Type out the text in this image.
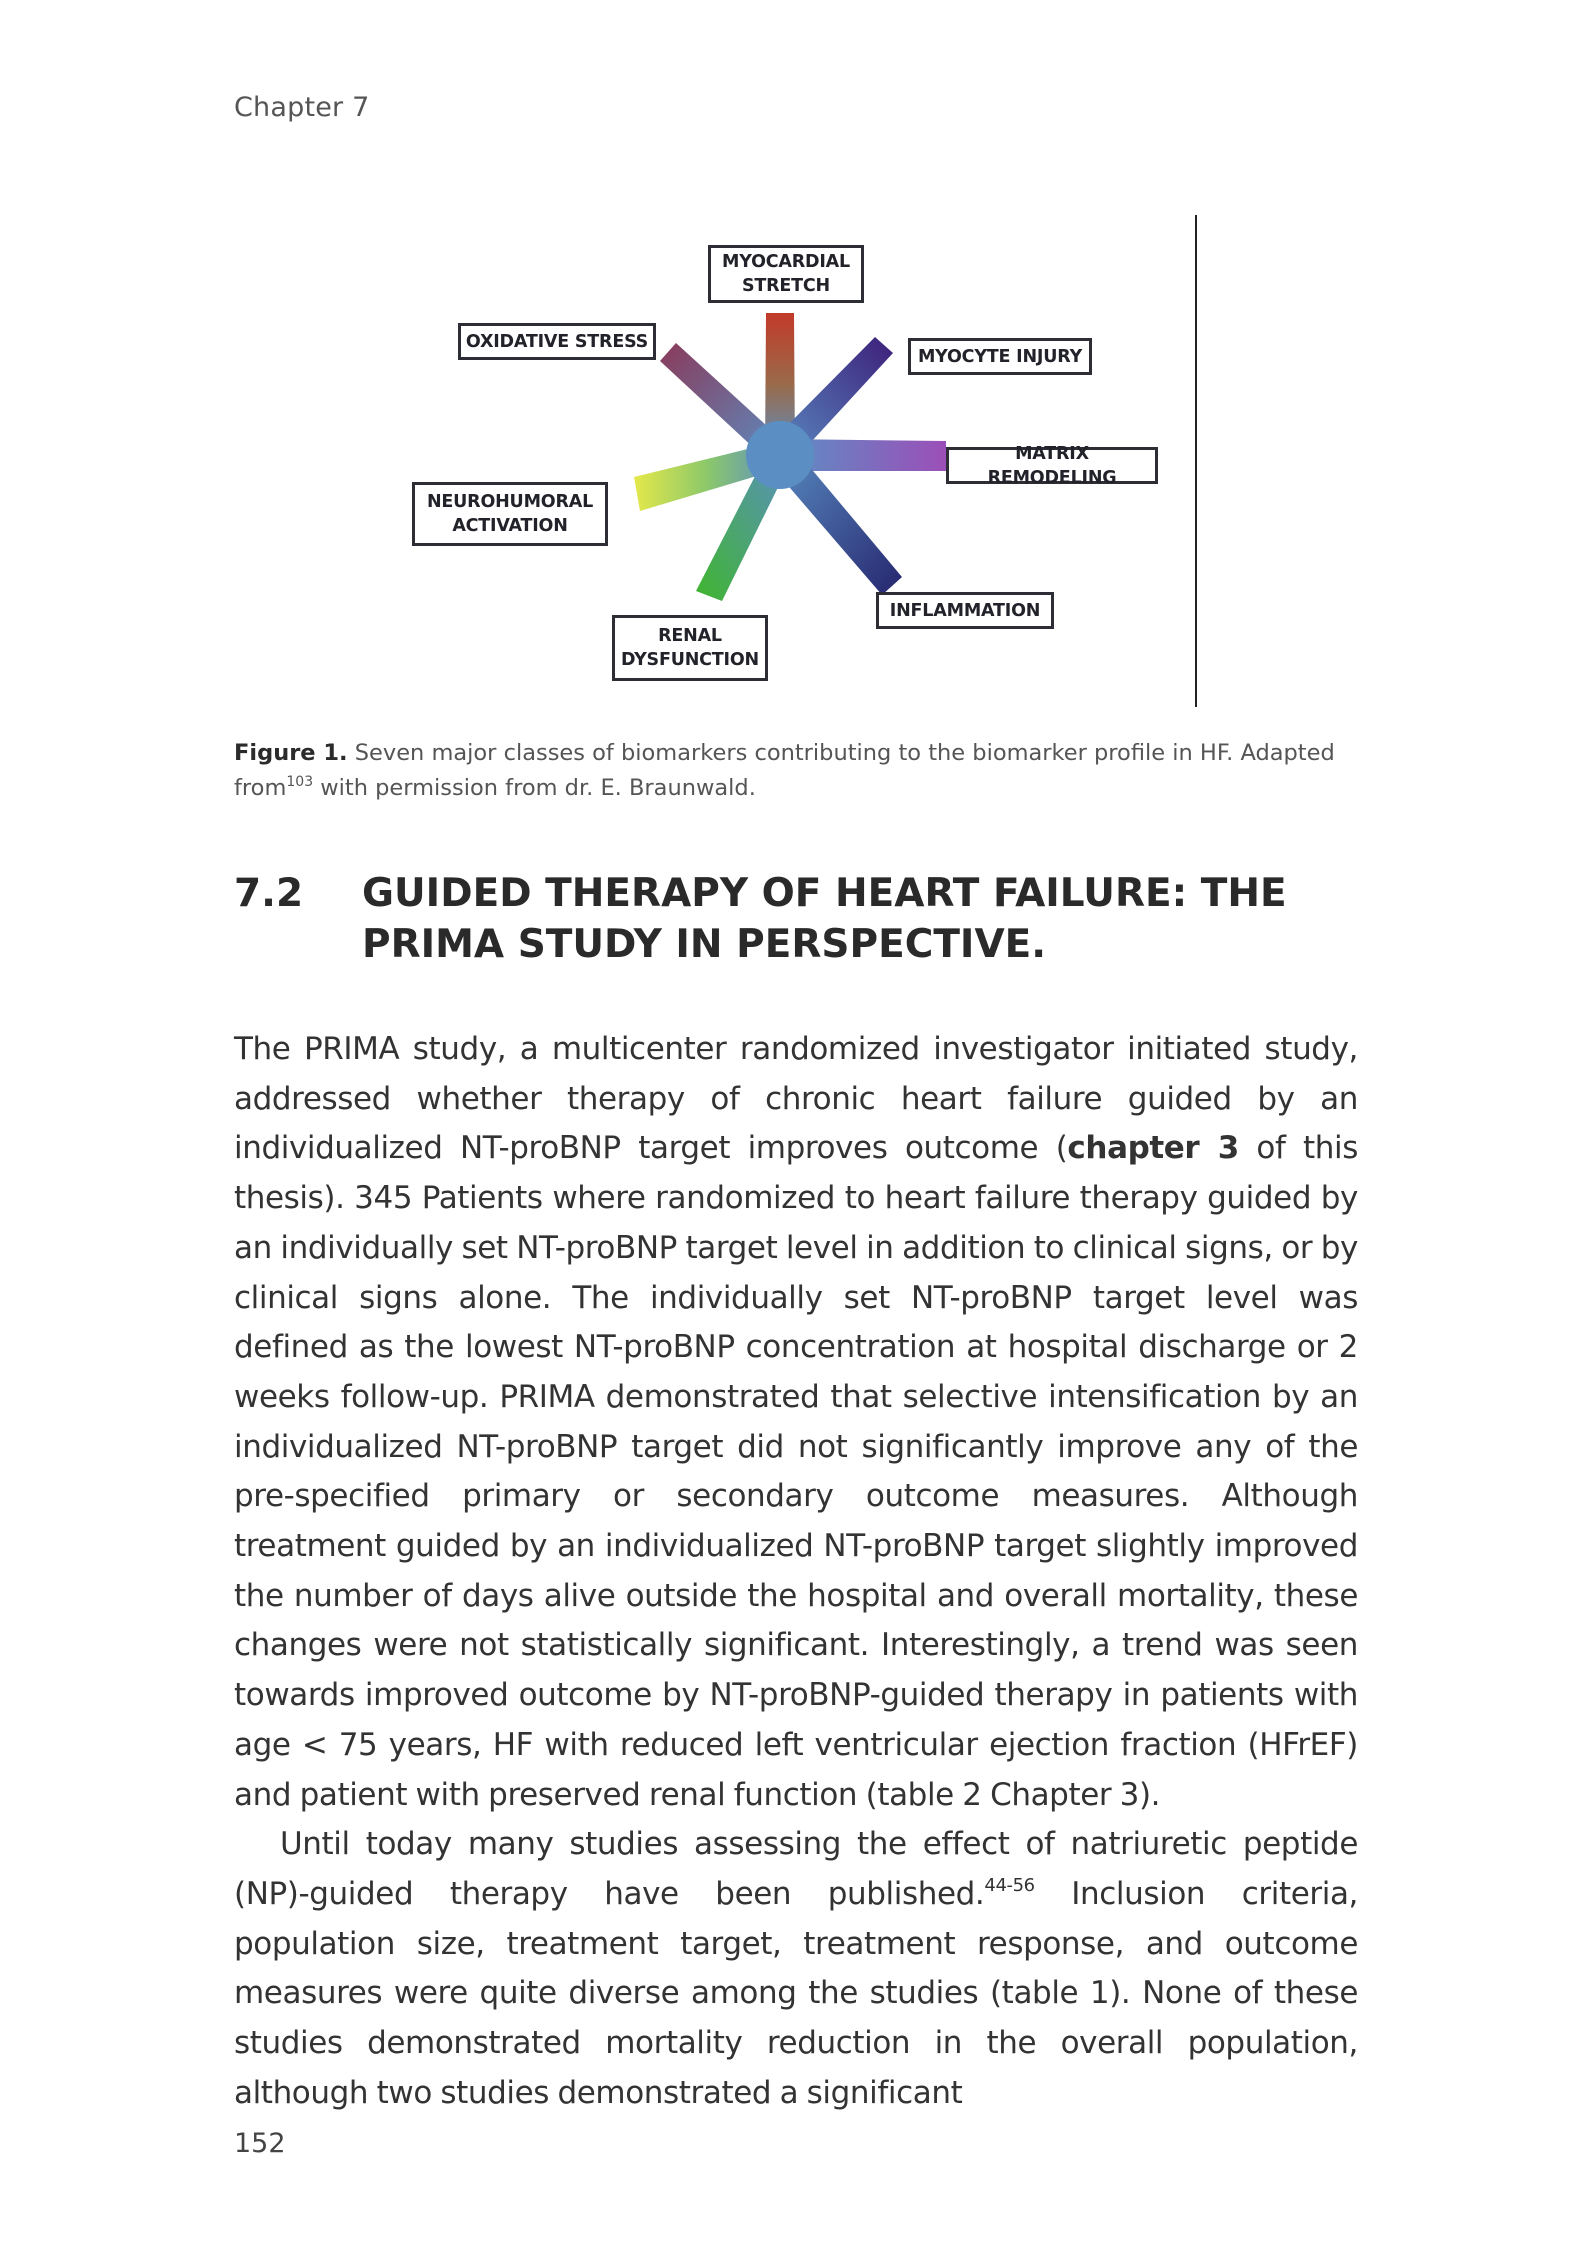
Chapter 7
MYOCARDIAL
STRETCH
MYOCYTE INJURY
MATRIX REMODELING
INFLAMMATION
RENAL
DYSFUNCTION
NEUROHUMORAL
ACTIVATION
OXIDATIVE STRESS
Figure 1. Seven major classes of biomarkers contributing to the biomarker profile in HF. Adapted from$^{103}$ with permission from dr. E. Braunwald.
7.2	GUIDED THERAPY OF HEART FAILURE: THE PRIMA STUDY IN PERSPECTIVE.

The PRIMA study, a multicenter randomized investigator initiated study, addressed whether therapy of chronic heart failure guided by an individualized NT-proBNP target improves outcome (chapter 3 of this thesis). 345 Patients where randomized to heart failure therapy guided by an individually set NT-proBNP target level in addition to clinical signs, or by clinical signs alone. The individually set NT-proBNP target level was defined as the lowest NT-proBNP concentration at hospital discharge or 2 weeks follow-up. PRIMA demonstrated that selective intensification by an individualized NT-proBNP target did not significantly improve any of the pre-specified primary or secondary outcome measures. Although treatment guided by an individualized NT-proBNP target slightly improved the number of days alive outside the hospital and overall mortality, these changes were not statistically significant. Interestingly, a trend was seen towards improved outcome by NT-proBNP-guided therapy in patients with age < 75 years, HF with reduced left ventricular ejection fraction (HFrEF) and patient with preserved renal function (table 2 Chapter 3).

Until today many studies assessing the effect of natriuretic peptide (NP)-guided therapy have been published.$^{44-56}$ Inclusion criteria, population size, treatment target, treatment response, and outcome measures were quite diverse among the studies (table 1). None of these studies demonstrated mortality reduction in the overall population, although two studies demonstrated a significant

152
